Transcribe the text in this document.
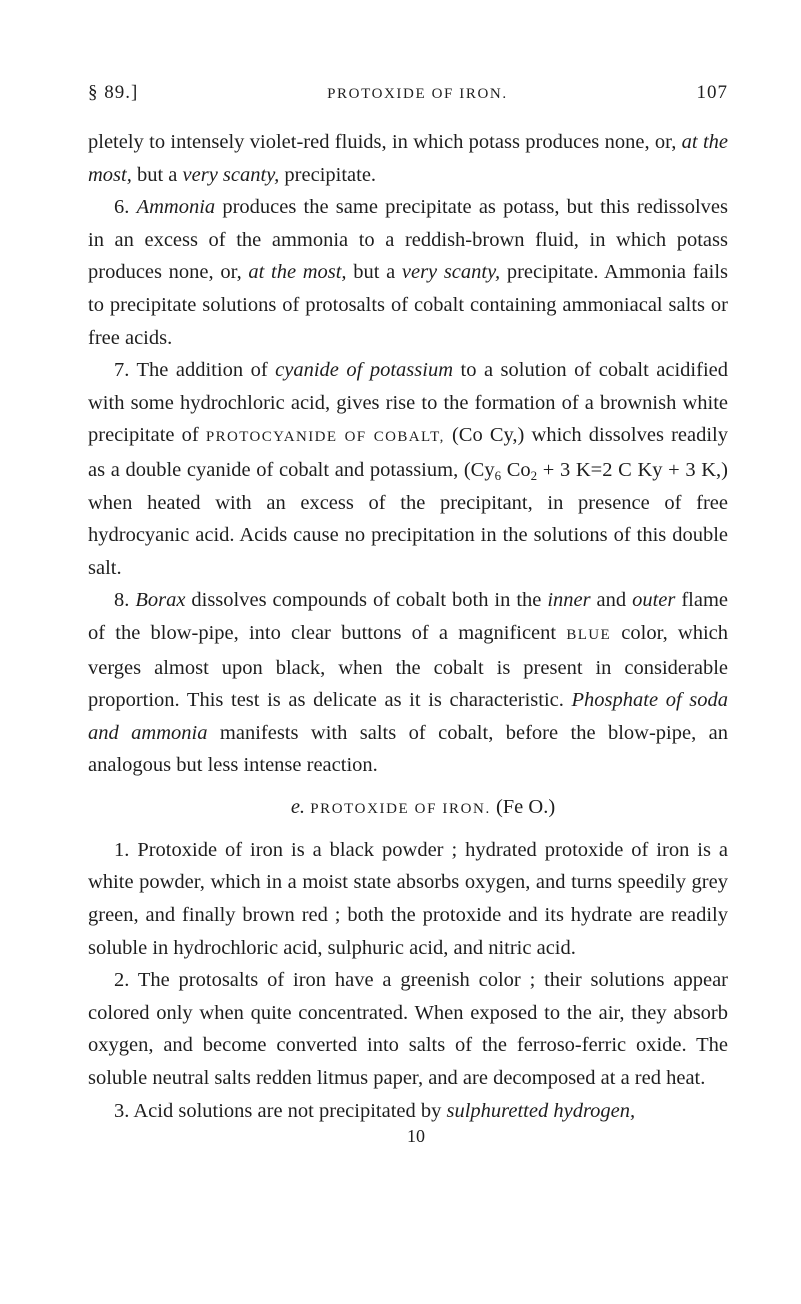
§ 89.]	PROTOXIDE OF IRON.	107

pletely to intensely violet-red fluids, in which potass produces none, or, at the most, but a very scanty, precipitate.

6. Ammonia produces the same precipitate as potass, but this redissolves in an excess of the ammonia to a reddish-brown fluid, in which potass produces none, or, at the most, but a very scanty, precipitate. Ammonia fails to precipitate solutions of protosalts of cobalt containing ammoniacal salts or free acids.

7. The addition of cyanide of potassium to a solution of cobalt acidified with some hydrochloric acid, gives rise to the formation of a brownish white precipitate of PROTOCYANIDE OF COBALT, (Co Cy,) which dissolves readily as a double cyanide of cobalt and potassium, ($Cy_6$ $Co_2 + 3$ K=2 C Ky + 3 K,) when heated with an excess of the precipitant, in presence of free hydrocyanic acid. Acids cause no precipitation in the solutions of this double salt.

8. Borax dissolves compounds of cobalt both in the inner and outer flame of the blow-pipe, into clear buttons of a magnificent BLUE color, which verges almost upon black, when the cobalt is present in considerable proportion. This test is as delicate as it is characteristic. Phosphate of soda and ammonia manifests with salts of cobalt, before the blow-pipe, an analogous but less intense reaction.

e. PROTOXIDE OF IRON. (Fe O.)

1. Protoxide of iron is a black powder ; hydrated protoxide of iron is a white powder, which in a moist state absorbs oxygen, and turns speedily grey green, and finally brown red ; both the protoxide and its hydrate are readily soluble in hydrochloric acid, sulphuric acid, and nitric acid.

2. The protosalts of iron have a greenish color ; their solutions appear colored only when quite concentrated. When exposed to the air, they absorb oxygen, and become converted into salts of the ferroso-ferric oxide. The soluble neutral salts redden litmus paper, and are decomposed at a red heat.

3. Acid solutions are not precipitated by sulphuretted hydrogen,

10
